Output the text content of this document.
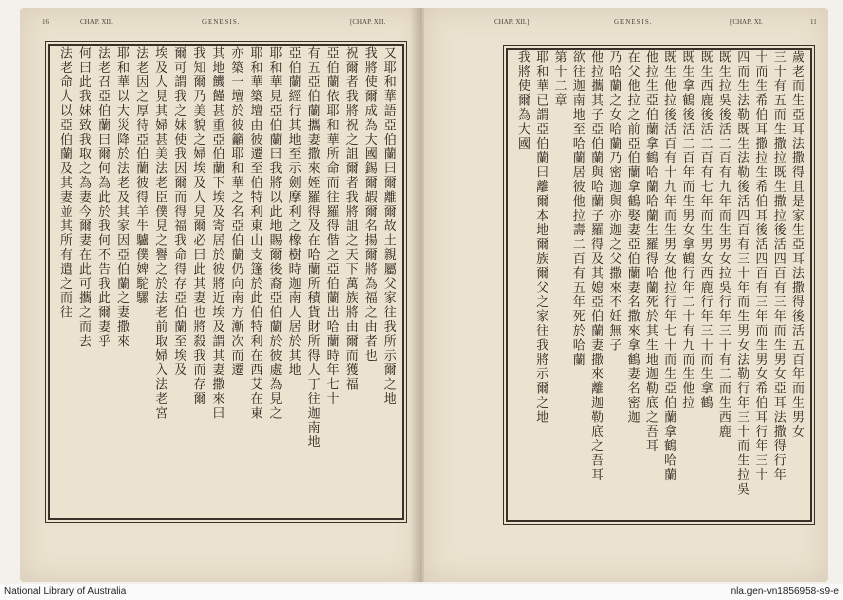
16	CHAP. XII.	GENESIS.	[CHAP. XII.
又耶和華語亞伯蘭曰爾離爾故土親屬父家往我所示爾之地
我將使爾成為大國錫爾嘏爾名揚爾將為福之由者也
祝爾者我將祝之詛爾者我將詛之天下萬族將由爾而獲福
亞伯蘭依耶和華所命而往羅得偕之亞伯蘭出哈蘭時年七十
有五亞伯蘭攜妻撒來姪羅得及在哈蘭所積貨財所得人丁往迦南地
亞伯蘭經行其地至示劍摩利之橡樹時迦南人居於其地
耶和華見亞伯蘭曰我將以此地賜爾後裔亞伯蘭於彼處為見之
耶和華築壇由彼遷至伯特利東山支篷於此伯特利在西艾在東
亦築一壇於彼籲耶和華之名亞伯蘭仍向南方漸次而遷
其地饑饉甚重亞伯蘭下埃及寄居於彼將近埃及謂其妻撒來曰
我知爾乃美貌之婦埃及人見爾必曰此其妻也將殺我而存爾
爾可謂我之妹使我因爾而得福我命得存亞伯蘭至埃及
埃及人見其婦甚美法老臣僕見之譽之於法老前取婦入法老宮
法老因之厚待亞伯蘭彼得羊牛驢僕婢駝騾
耶和華以大災降於法老及其家因亞伯蘭之妻撒來
法老召亞伯蘭曰爾何為此於我何不告我此爾妻乎
何曰此我妹致我取之為妻今爾妻在此可攜之而去
法老命人以亞伯蘭及其妻並其所有遣之而往
CHAP. XII.]	GENESIS.	[CHAP. XI.	11
歲老而生亞耳法撒得且是家生亞耳法撒得後活五百年而生男女
三十有五而生撒拉既生撒拉後活四百有三年而生男女亞耳法撒得行年
十而生希伯耳撒拉生希伯耳後活四百有三年而生男女希伯耳行年三十
四而生法勒既生法勒後活四百有三十年而生男女法勒行年三十而生拉吳
既生拉吳後活二百有九年而生男女拉吳行年三十有二而生西鹿
既生西鹿後活二百有七年而生男女西鹿行年三十而生拿鶴
既生拿鶴後活二百年而生男女拿鶴行年二十有九而生他拉
既生他拉後活百有十九年而生男女他拉行年七十而生亞伯蘭拿鶴哈蘭
他拉生亞伯蘭拿鶴哈蘭哈蘭生羅得哈蘭死於其生地迦勒底之吾耳
在父他拉之前亞伯蘭拿鶴娶妻亞伯蘭妻名撒來拿鶴妻名密迦
乃哈蘭之女哈蘭乃密迦與亦迦之父撒來不妊無子
他拉攜其子亞伯蘭與哈蘭子羅得及其媳亞伯蘭妻撒來離迦勒底之吾耳
欲往迦南地至哈蘭居彼他拉壽二百有五年死於哈蘭
第十二章
耶和華已謂亞伯蘭曰離爾本地爾族爾父之家往我將示爾之地
我將使爾為大國
National Library of Australia	nla.gen-vn1856958-s9-e
